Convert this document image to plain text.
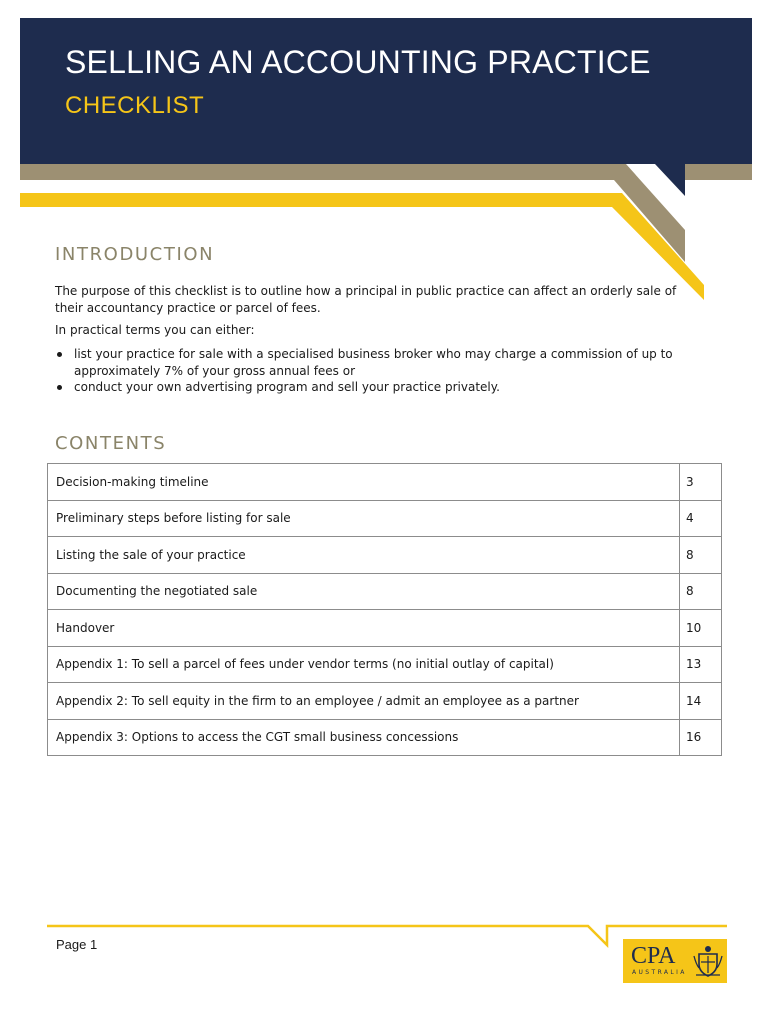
SELLING AN ACCOUNTING PRACTICE
CHECKLIST
INTRODUCTION
The purpose of this checklist is to outline how a principal in public practice can affect an orderly sale of their accountancy practice or parcel of fees.
In practical terms you can either:

list your practice for sale with a specialised business broker who may charge a commission of up to approximately 7% of your gross annual fees or

conduct your own advertising program and sell your practice privately.

CONTENTS
Decision-making timeline	3
Preliminary steps before listing for sale	4
Listing the sale of your practice	8
Documenting the negotiated sale	8
Handover	10
Appendix 1: To sell a parcel of fees under vendor terms (no initial outlay of capital)	13
Appendix 2: To sell equity in the firm to an employee / admit an employee as a partner	14
Appendix 3: Options to access the CGT small business concessions	16
Page 1	CPA
AUSTRALIA
